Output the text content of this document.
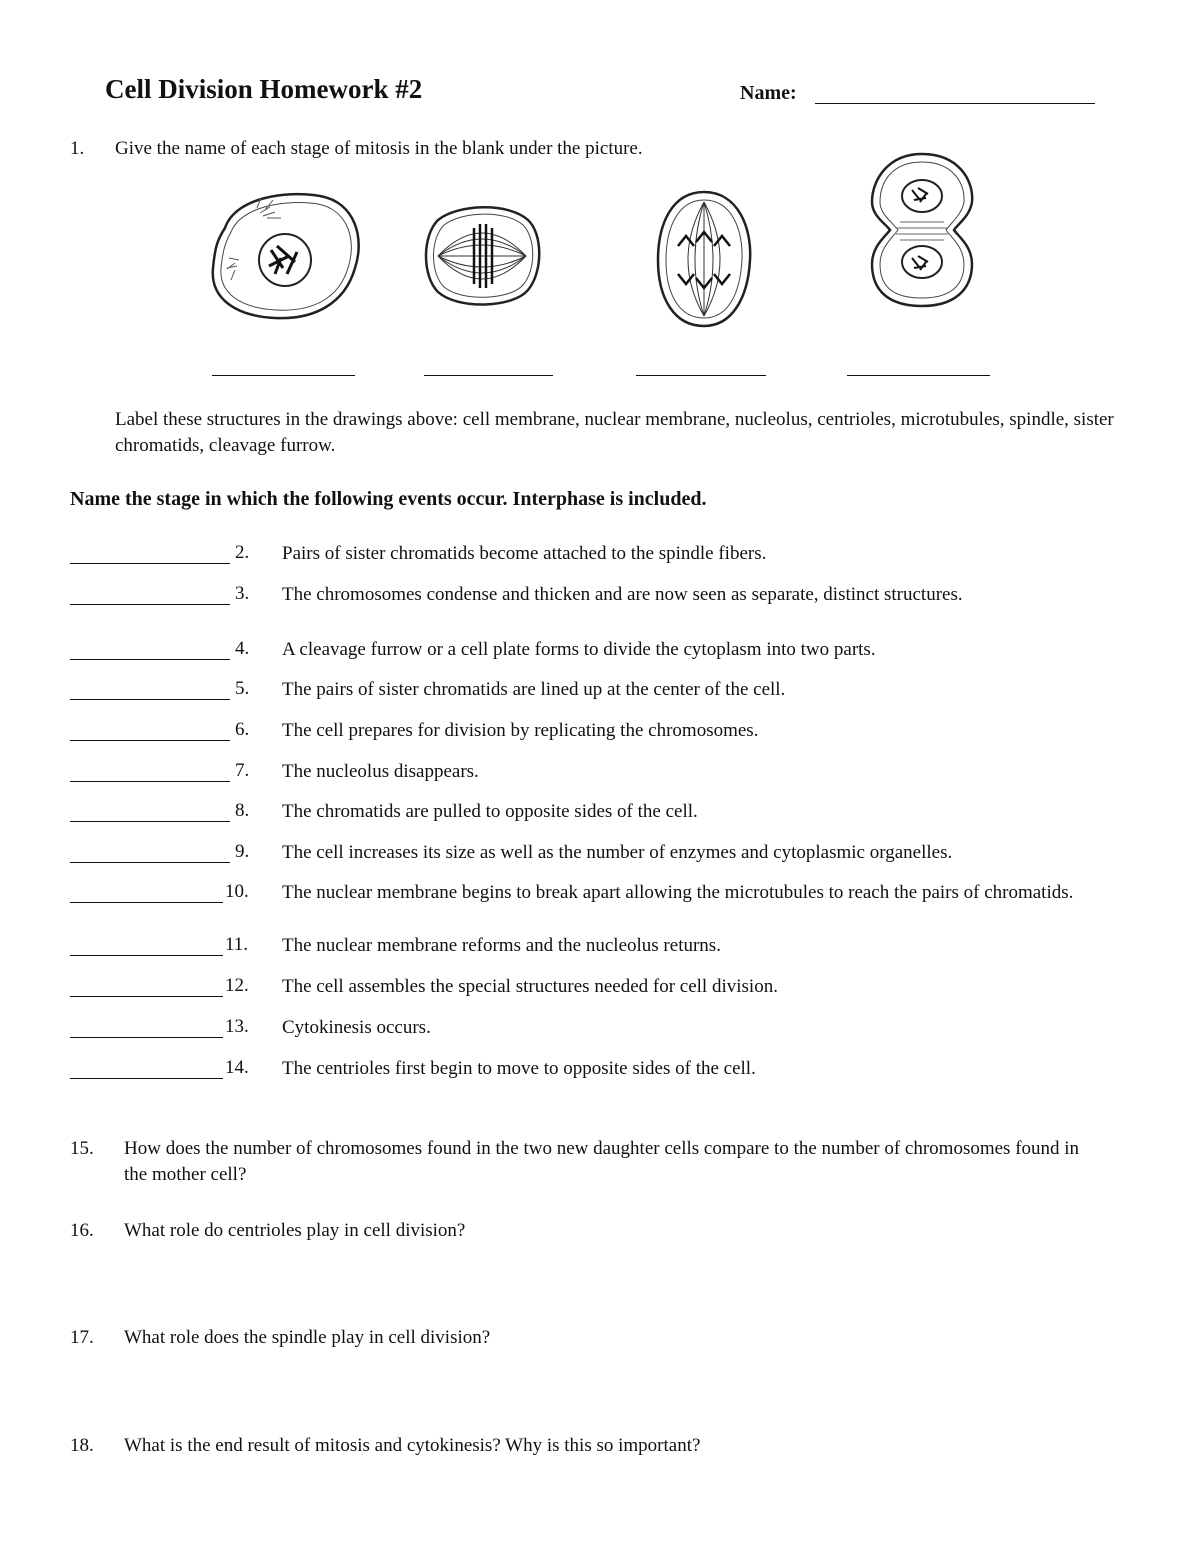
Cell Division Homework #2	Name:
1. Give the name of each stage of mitosis in the blank under the picture.
Label these structures in the drawings above: cell membrane, nuclear membrane, nucleolus, centrioles, microtubules, spindle, sister chromatids, cleavage furrow.
Name the stage in which the following events occur. Interphase is included.
2. Pairs of sister chromatids become attached to the spindle fibers.
3. The chromosomes condense and thicken and are now seen as separate, distinct structures.
4. A cleavage furrow or a cell plate forms to divide the cytoplasm into two parts.
5. The pairs of sister chromatids are lined up at the center of the cell.
6. The cell prepares for division by replicating the chromosomes.
7. The nucleolus disappears.
8. The chromatids are pulled to opposite sides of the cell.
9. The cell increases its size as well as the number of enzymes and cytoplasmic organelles.
10. The nuclear membrane begins to break apart allowing the microtubules to reach the pairs of chromatids.
11. The nuclear membrane reforms and the nucleolus returns.
12. The cell assembles the special structures needed for cell division.
13. Cytokinesis occurs.
14. The centrioles first begin to move to opposite sides of the cell.
15. How does the number of chromosomes found in the two new daughter cells compare to the number of chromosomes found in the mother cell?
16. What role do centrioles play in cell division?
17. What role does the spindle play in cell division?
18. What is the end result of mitosis and cytokinesis? Why is this so important?
